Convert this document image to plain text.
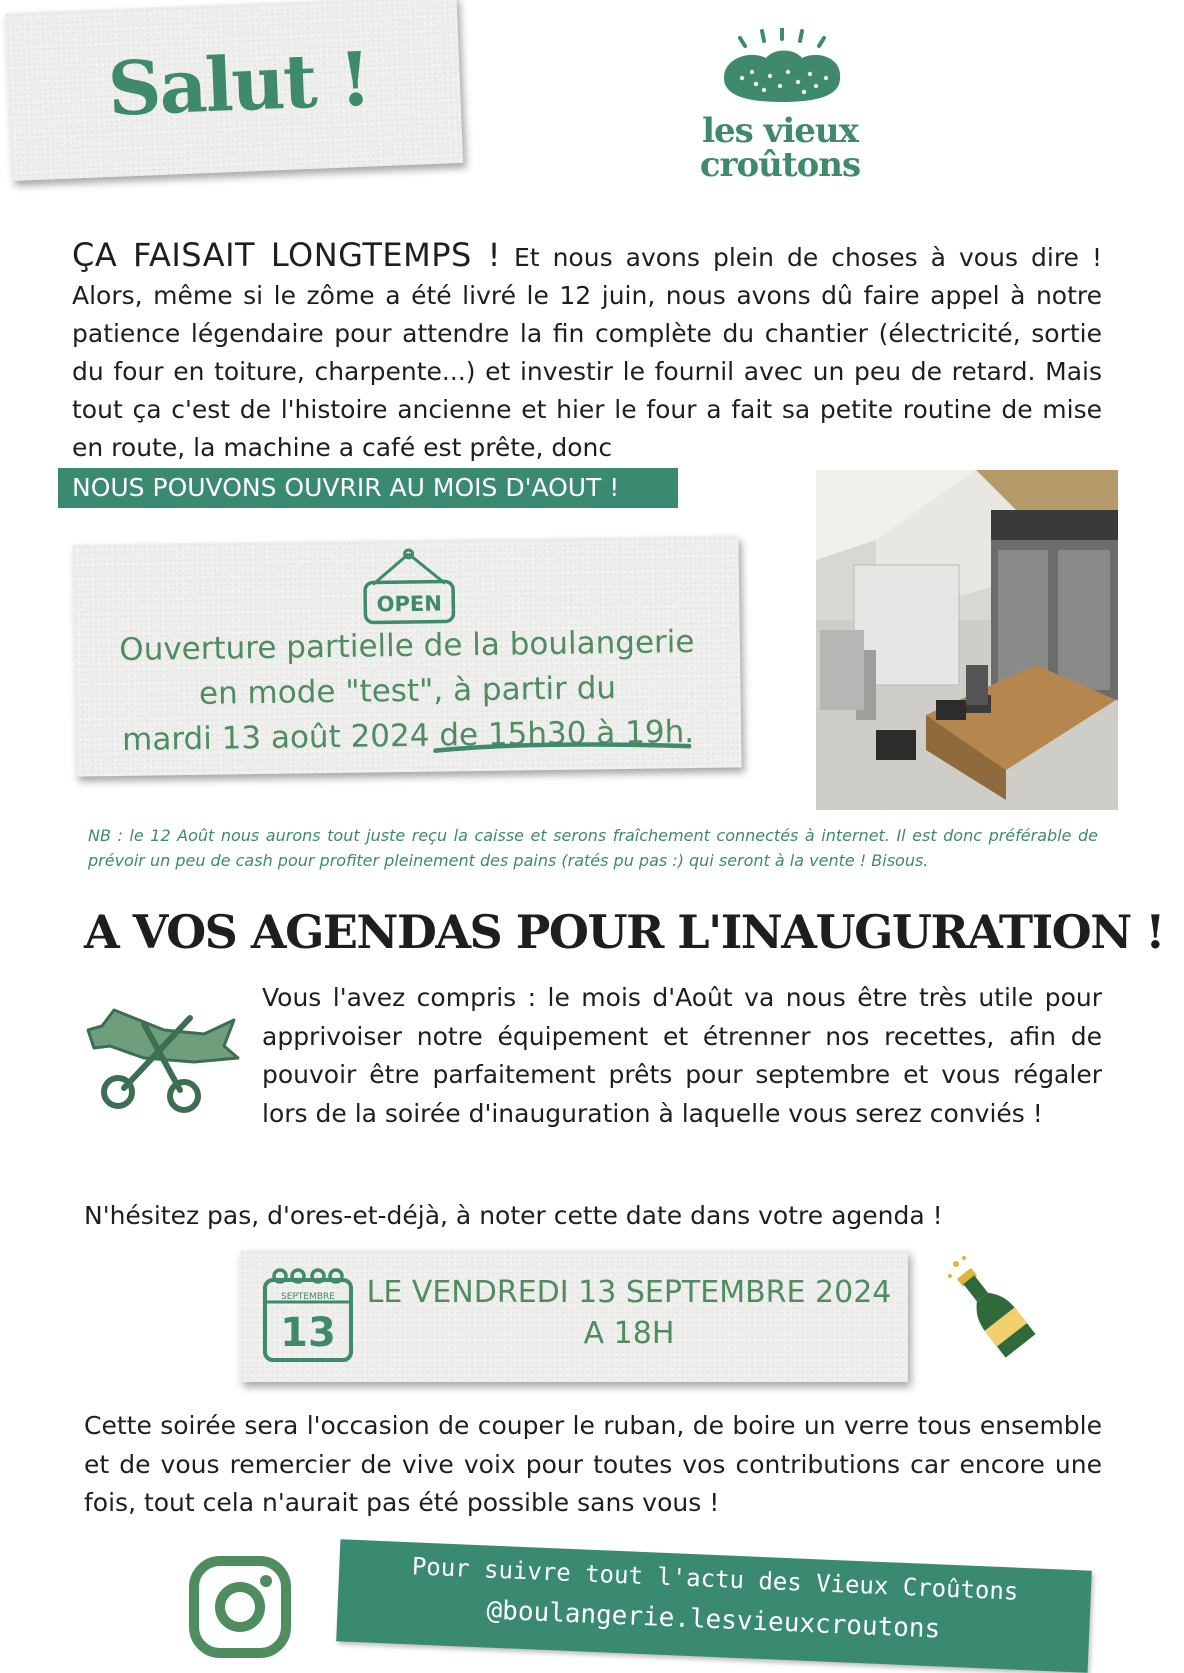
Salut !	les vieux
croûtons

ÇA FAISAIT LONGTEMPS ! Et nous avons plein de choses à vous dire ! Alors, même si le zôme a été livré le 12 juin, nous avons dû faire appel à notre patience légendaire pour attendre la fin complète du chantier (électricité, sortie du four en toiture, charpente...) et investir le fournil avec un peu de retard. Mais tout ça c'est de l'histoire ancienne et hier le four a fait sa petite routine de mise en route, la machine a café est prête, donc

NOUS POUVONS OUVRIR AU MOIS D'AOUT !

OPEN

Ouverture partielle de la boulangerie
en mode "test", à partir du
mardi 13 août 2024 de 15h30 à 19h.

NB : le 12 Août nous aurons tout juste reçu la caisse et serons fraîchement connectés à internet. Il est donc préférable de prévoir un peu de cash pour profiter pleinement des pains (ratés pu pas :) qui seront à la vente ! Bisous.

A VOS AGENDAS POUR L'INAUGURATION !

Vous l'avez compris : le mois d'Août va nous être très utile pour apprivoiser notre équipement et étrenner nos recettes, afin de pouvoir être parfaitement prêts pour septembre et vous régaler lors de la soirée d'inauguration à laquelle vous serez conviés !

N'hésitez pas, d'ores-et-déjà, à noter cette date dans votre agenda !

SEPTEMBRE
13

LE VENDREDI 13 SEPTEMBRE 2024
A 18H

Cette soirée sera l'occasion de couper le ruban, de boire un verre tous ensemble et de vous remercier de vive voix pour toutes vos contributions car encore une fois, tout cela n'aurait pas été possible sans vous !

Pour suivre tout l'actu des Vieux Croûtons
@boulangerie.lesvieuxcroutons
